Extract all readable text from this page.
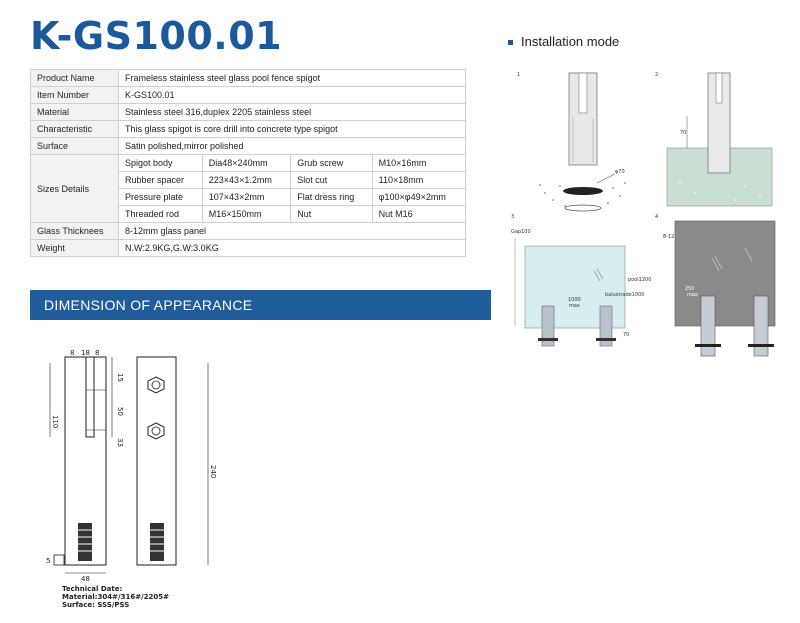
K-GS100.01
Product Name	Frameless stainless steel glass pool fence spigot			
Item Number	K-GS100.01			
Material	Stainless steel 316,duplex 2205 stainless steel			
Characteristic	This glass spigot is core drill into concrete type spigot			
Surface	Satin polished,mirror polished			
Sizes Details	Spigot body	Dia48×240mm	Grub screw	M10×16mm
	Rubber spacer	223×43×1.2mm	Slot cut	110×18mm
	Pressure plate	107×43×2mm	Flat dress ring	φ100×φ49×2mm
	Threaded rod	M16×150mm	Nut	Nut M16
Glass Thicknees	8-12mm glass panel			
Weight	N.W:2.9KG,G.W:3.0KG			
Installation mode
1
φ70
2
70
3
Gap100
pool1200
balustrade1000
1000
max
70
4
8-12
250
max
DIMENSION OF APPEARANCE
8 18 8
15
110
50
33
240
5
48
Technical Date:
Material:304#/316#/2205#
Surface: SSS/PSS
